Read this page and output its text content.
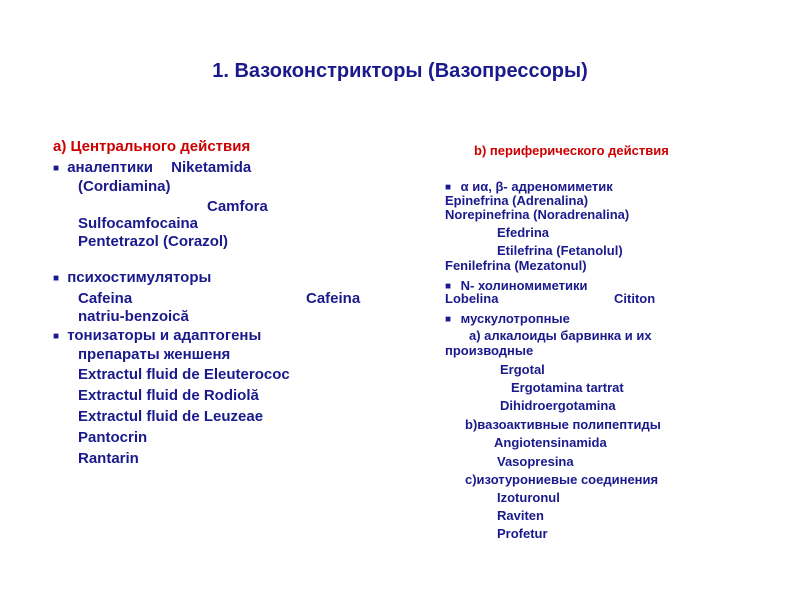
1. Вазоконстрикторы (Вазопрессоры)
a) Центрального действия
■ аналептики Niketamida
(Cordiamina)
Camfora
Sulfocamfocaina
Pentetrazol (Corazol)
■ психостимуляторы
Cafeina	Cafeina
natriu-benzoică
■ тонизаторы и адаптогены
препараты женшеня
Extractul fluid de Eleuterococ
Extractul fluid de Rodiolă
Extractul fluid de Leuzeae
Pantocrin
Rantarin
b) периферического действия
■ α иα, β- адреномиметик
Epinefrina (Adrenalina)
Norepinefrina (Noradrenalina)
Efedrina
Etilefrina (Fetanolul)
Fenilefrina (Mezatonul)
■ N- холиномиметики
Lobelina	Cititon
■ мускулотропные
а) алкалоиды барвинка и их
производные
Ergotal
Ergotamina tartrat
Dihidroergotamina
b)вазоактивные полипептиды
Angiotensinamida
Vasopresina
c)изотурониевые соединения
Izoturonul
Raviten
Profetur
